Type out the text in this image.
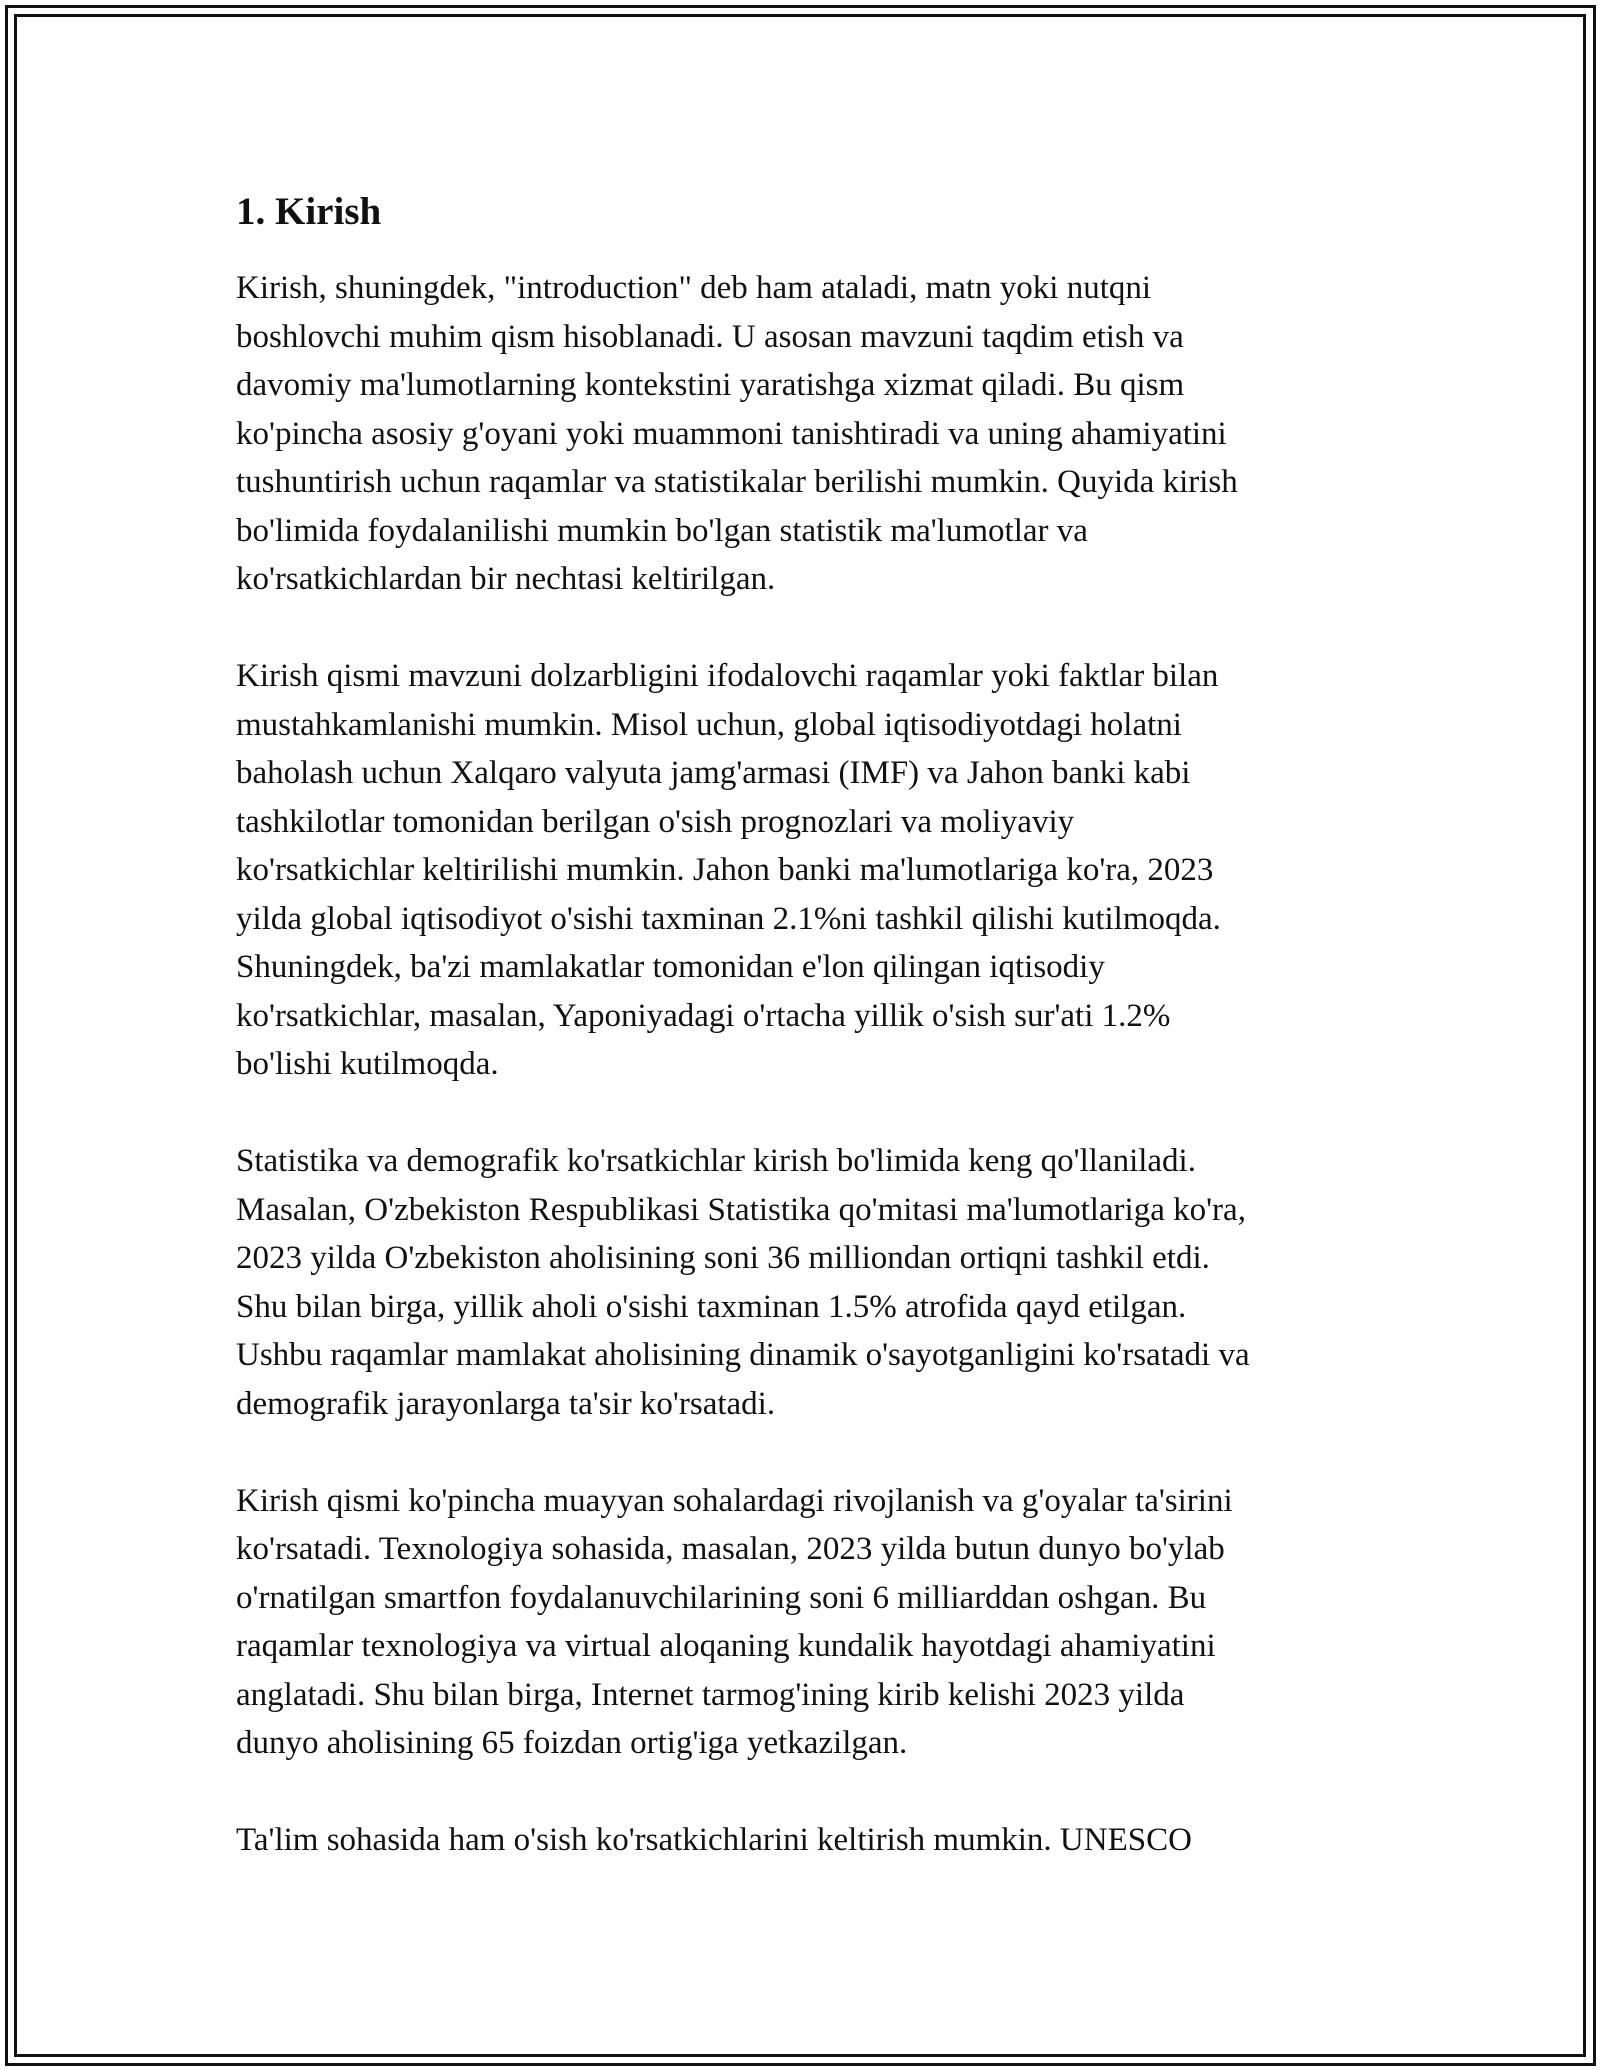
1. Kirish

Kirish, shuningdek, "introduction" deb ham ataladi, matn yoki nutqni
boshlovchi muhim qism hisoblanadi. U asosan mavzuni taqdim etish va
davomiy ma'lumotlarning kontekstini yaratishga xizmat qiladi. Bu qism
ko'pincha asosiy g'oyani yoki muammoni tanishtiradi va uning ahamiyatini
tushuntirish uchun raqamlar va statistikalar berilishi mumkin. Quyida kirish
bo'limida foydalanilishi mumkin bo'lgan statistik ma'lumotlar va
ko'rsatkichlardan bir nechtasi keltirilgan.

Kirish qismi mavzuni dolzarbligini ifodalovchi raqamlar yoki faktlar bilan
mustahkamlanishi mumkin. Misol uchun, global iqtisodiyotdagi holatni
baholash uchun Xalqaro valyuta jamg'armasi (IMF) va Jahon banki kabi
tashkilotlar tomonidan berilgan o'sish prognozlari va moliyaviy
ko'rsatkichlar keltirilishi mumkin. Jahon banki ma'lumotlariga ko'ra, 2023
yilda global iqtisodiyot o'sishi taxminan 2.1%ni tashkil qilishi kutilmoqda.
Shuningdek, ba'zi mamlakatlar tomonidan e'lon qilingan iqtisodiy
ko'rsatkichlar, masalan, Yaponiyadagi o'rtacha yillik o'sish sur'ati 1.2%
bo'lishi kutilmoqda.

Statistika va demografik ko'rsatkichlar kirish bo'limida keng qo'llaniladi.
Masalan, O'zbekiston Respublikasi Statistika qo'mitasi ma'lumotlariga ko'ra,
2023 yilda O'zbekiston aholisining soni 36 milliondan ortiqni tashkil etdi.
Shu bilan birga, yillik aholi o'sishi taxminan 1.5% atrofida qayd etilgan.
Ushbu raqamlar mamlakat aholisining dinamik o'sayotganligini ko'rsatadi va
demografik jarayonlarga ta'sir ko'rsatadi.

Kirish qismi ko'pincha muayyan sohalardagi rivojlanish va g'oyalar ta'sirini
ko'rsatadi. Texnologiya sohasida, masalan, 2023 yilda butun dunyo bo'ylab
o'rnatilgan smartfon foydalanuvchilarining soni 6 milliarddan oshgan. Bu
raqamlar texnologiya va virtual aloqaning kundalik hayotdagi ahamiyatini
anglatadi. Shu bilan birga, Internet tarmog'ining kirib kelishi 2023 yilda
dunyo aholisining 65 foizdan ortig'iga yetkazilgan.

Ta'lim sohasida ham o'sish ko'rsatkichlarini keltirish mumkin. UNESCO
